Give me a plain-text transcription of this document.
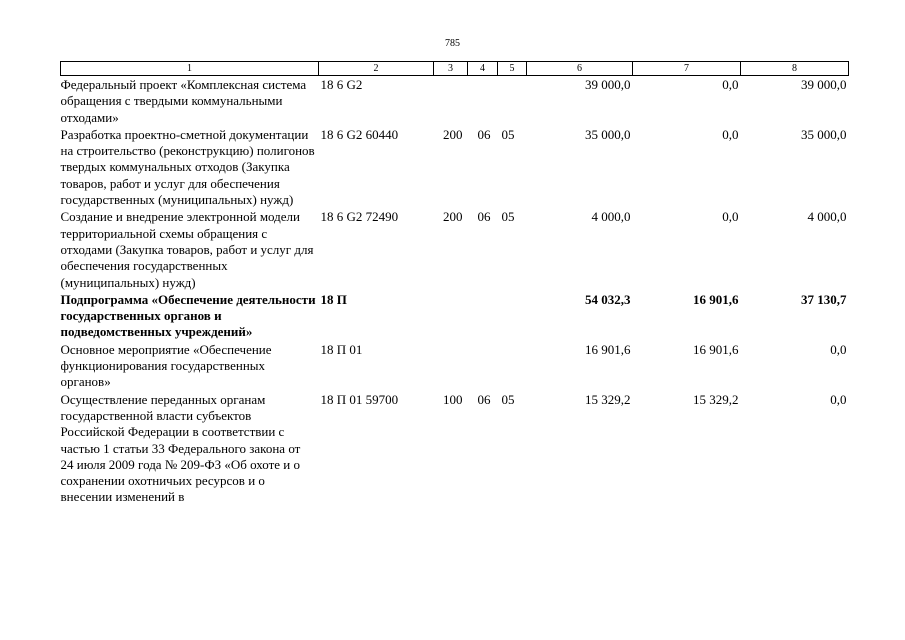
785
1	2	3	4	5	6	7	8
Федеральный проект «Комплексная система обращения с твердыми коммунальными отходами»	18 6 G2				39 000,0	0,0	39 000,0
Разработка проектно-сметной документации на строительство (реконструкцию) полигонов твердых коммунальных отходов (Закупка товаров, работ и услуг для обеспечения государственных (муниципальных) нужд)	18 6 G2 60440	200	06	05	35 000,0	0,0	35 000,0
Создание и внедрение электронной модели территориальной схемы обращения с отходами (Закупка товаров, работ и услуг для обеспечения государственных (муниципальных) нужд)	18 6 G2 72490	200	06	05	4 000,0	0,0	4 000,0
Подпрограмма «Обеспечение деятельности государственных органов и подведомственных учреждений»	18 П				54 032,3	16 901,6	37 130,7
Основное мероприятие «Обеспечение функционирования государственных органов»	18 П 01				16 901,6	16 901,6	0,0
Осуществление переданных органам государственной власти субъектов Российской Федерации в соответствии с частью 1 статьи 33 Федерального закона от 24 июля 2009 года № 209-ФЗ «Об охоте и о сохранении охотничьих ресурсов и о внесении изменений в	18 П 01 59700	100	06	05	15 329,2	15 329,2	0,0
